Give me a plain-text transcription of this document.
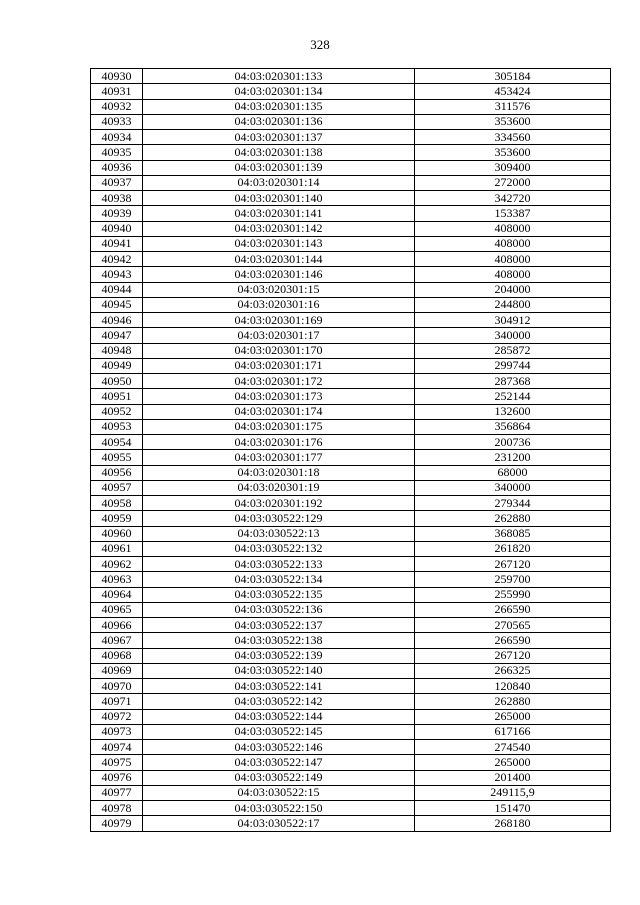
328
40930	04:03:020301:133	305184
40931	04:03:020301:134	453424
40932	04:03:020301:135	311576
40933	04:03:020301:136	353600
40934	04:03:020301:137	334560
40935	04:03:020301:138	353600
40936	04:03:020301:139	309400
40937	04:03:020301:14	272000
40938	04:03:020301:140	342720
40939	04:03:020301:141	153387
40940	04:03:020301:142	408000
40941	04:03:020301:143	408000
40942	04:03:020301:144	408000
40943	04:03:020301:146	408000
40944	04:03:020301:15	204000
40945	04:03:020301:16	244800
40946	04:03:020301:169	304912
40947	04:03:020301:17	340000
40948	04:03:020301:170	285872
40949	04:03:020301:171	299744
40950	04:03:020301:172	287368
40951	04:03:020301:173	252144
40952	04:03:020301:174	132600
40953	04:03:020301:175	356864
40954	04:03:020301:176	200736
40955	04:03:020301:177	231200
40956	04:03:020301:18	68000
40957	04:03:020301:19	340000
40958	04:03:020301:192	279344
40959	04:03:030522:129	262880
40960	04:03:030522:13	368085
40961	04:03:030522:132	261820
40962	04:03:030522:133	267120
40963	04:03:030522:134	259700
40964	04:03:030522:135	255990
40965	04:03:030522:136	266590
40966	04:03:030522:137	270565
40967	04:03:030522:138	266590
40968	04:03:030522:139	267120
40969	04:03:030522:140	266325
40970	04:03:030522:141	120840
40971	04:03:030522:142	262880
40972	04:03:030522:144	265000
40973	04:03:030522:145	617166
40974	04:03:030522:146	274540
40975	04:03:030522:147	265000
40976	04:03:030522:149	201400
40977	04:03:030522:15	249115,9
40978	04:03:030522:150	151470
40979	04:03:030522:17	268180
